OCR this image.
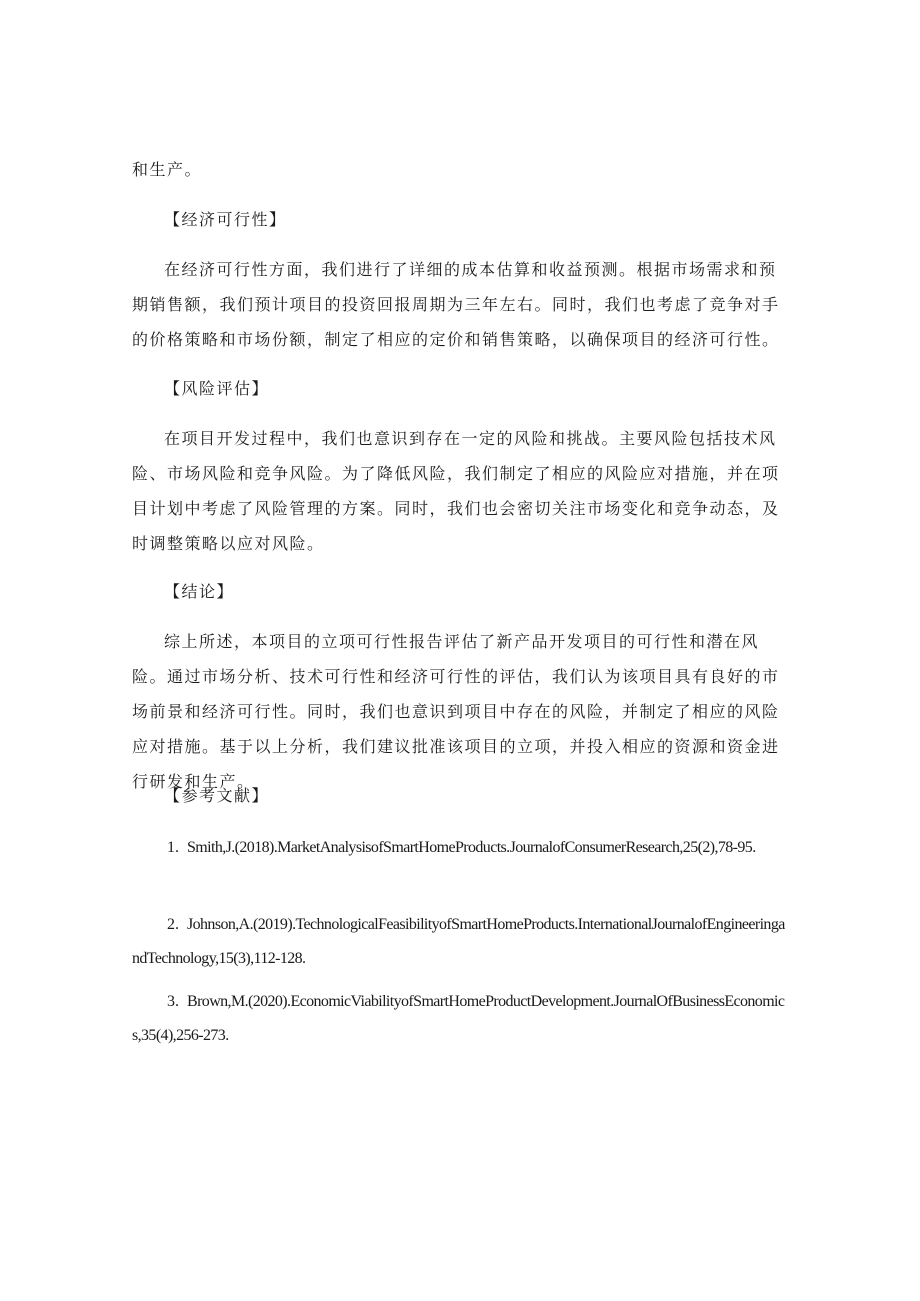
和生产。

【经济可行性】

在经济可行性方面，我们进行了详细的成本估算和收益预测。根据市场需求和预期销售额，我们预计项目的投资回报周期为三年左右。同时，我们也考虑了竞争对手的价格策略和市场份额，制定了相应的定价和销售策略，以确保项目的经济可行性。

【风险评估】

在项目开发过程中，我们也意识到存在一定的风险和挑战。主要风险包括技术风险、市场风险和竞争风险。为了降低风险，我们制定了相应的风险应对措施，并在项目计划中考虑了风险管理的方案。同时，我们也会密切关注市场变化和竞争动态，及时调整策略以应对风险。

【结论】

综上所述，本项目的立项可行性报告评估了新产品开发项目的可行性和潜在风险。通过市场分析、技术可行性和经济可行性的评估，我们认为该项目具有良好的市场前景和经济可行性。同时，我们也意识到项目中存在的风险，并制定了相应的风险应对措施。基于以上分析，我们建议批准该项目的立项，并投入相应的资源和资金进行研发和生产。

【参考文献】

1. Smith,J.(2018).MarketAnalysisofSmartHomeProducts.JournalofConsumerResearch,25(2),78-95.

2. Johnson,A.(2019).TechnologicalFeasibilityofSmartHomeProducts.InternationalJournalofEngineeringandTechnology,15(3),112-128.

3. Brown,M.(2020).EconomicViabilityofSmartHomeProductDevelopment.JournalOfBusinessEconomics,35(4),256-273.
